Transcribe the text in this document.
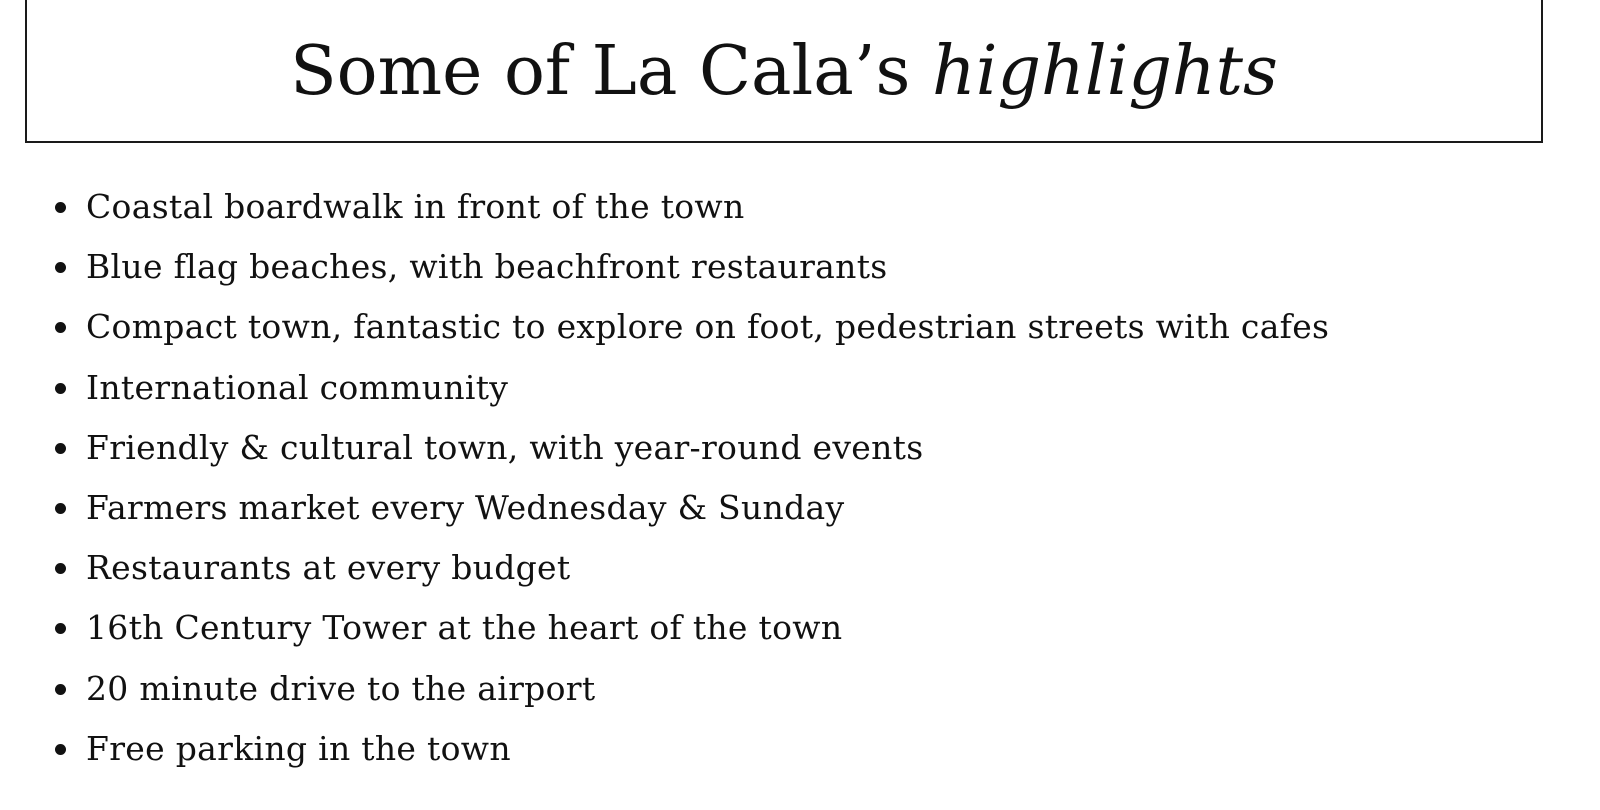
Some of La Cala’s highlights
Coastal boardwalk in front of the town
Blue flag beaches, with beachfront restaurants
Compact town, fantastic to explore on foot, pedestrian streets with cafes
International community
Friendly & cultural town, with year-round events
Farmers market every Wednesday & Sunday
Restaurants at every budget
16th Century Tower at the heart of the town
20 minute drive to the airport
Free parking in the town
